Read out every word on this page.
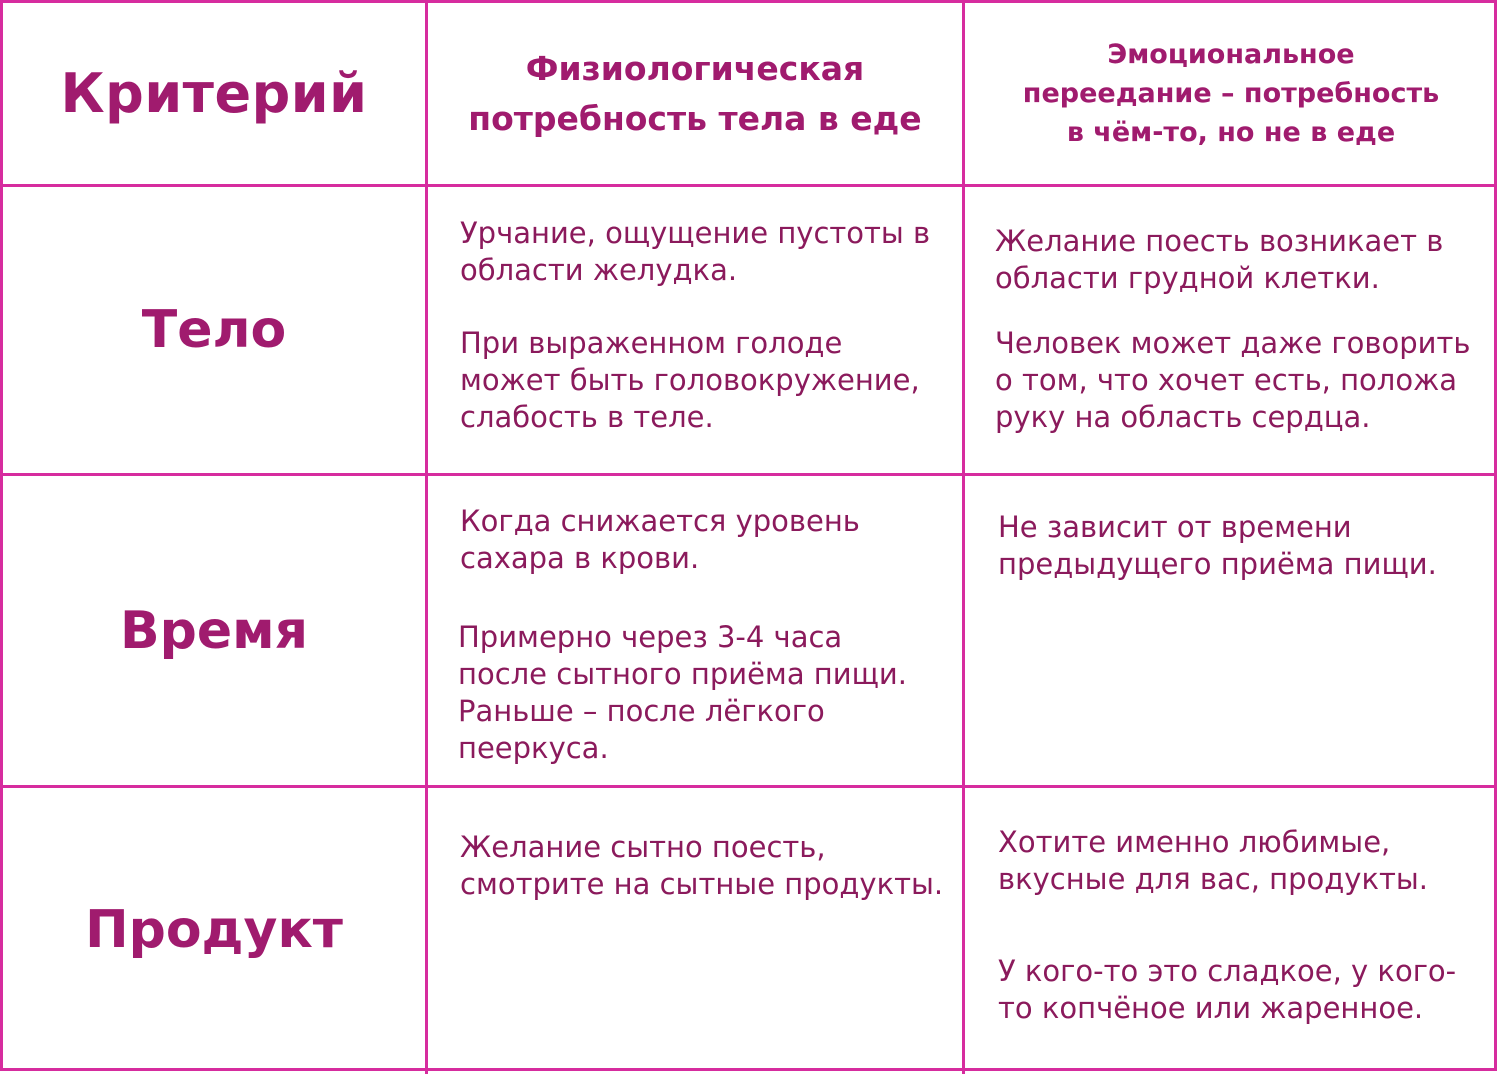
Критерий	Физиологическая
потребность тела в еде
Эмоциональное
переедание – потребность
в чём-то, но не в еде
Тело
Урчание, ощущение пустоты в
области желудка.
При выраженном голоде
может быть головокружение,
слабость в теле.
Желание поесть возникает в
области грудной клетки.
Человек может даже говорить
о том, что хочет есть, положа
руку на область сердца.
Время
Когда снижается уровень
сахара в крови.
Примерно через 3-4 часа
после сытного приёма пищи.
Раньше – после лёгкого
пееркуса.
Не зависит от времени
предыдущего приёма пищи.
Продукт
Желание сытно поесть,
смотрите на сытные продукты.
Хотите именно любимые,
вкусные для вас, продукты.
У кого-то это сладкое, у кого-
то копчёное или жаренное.
